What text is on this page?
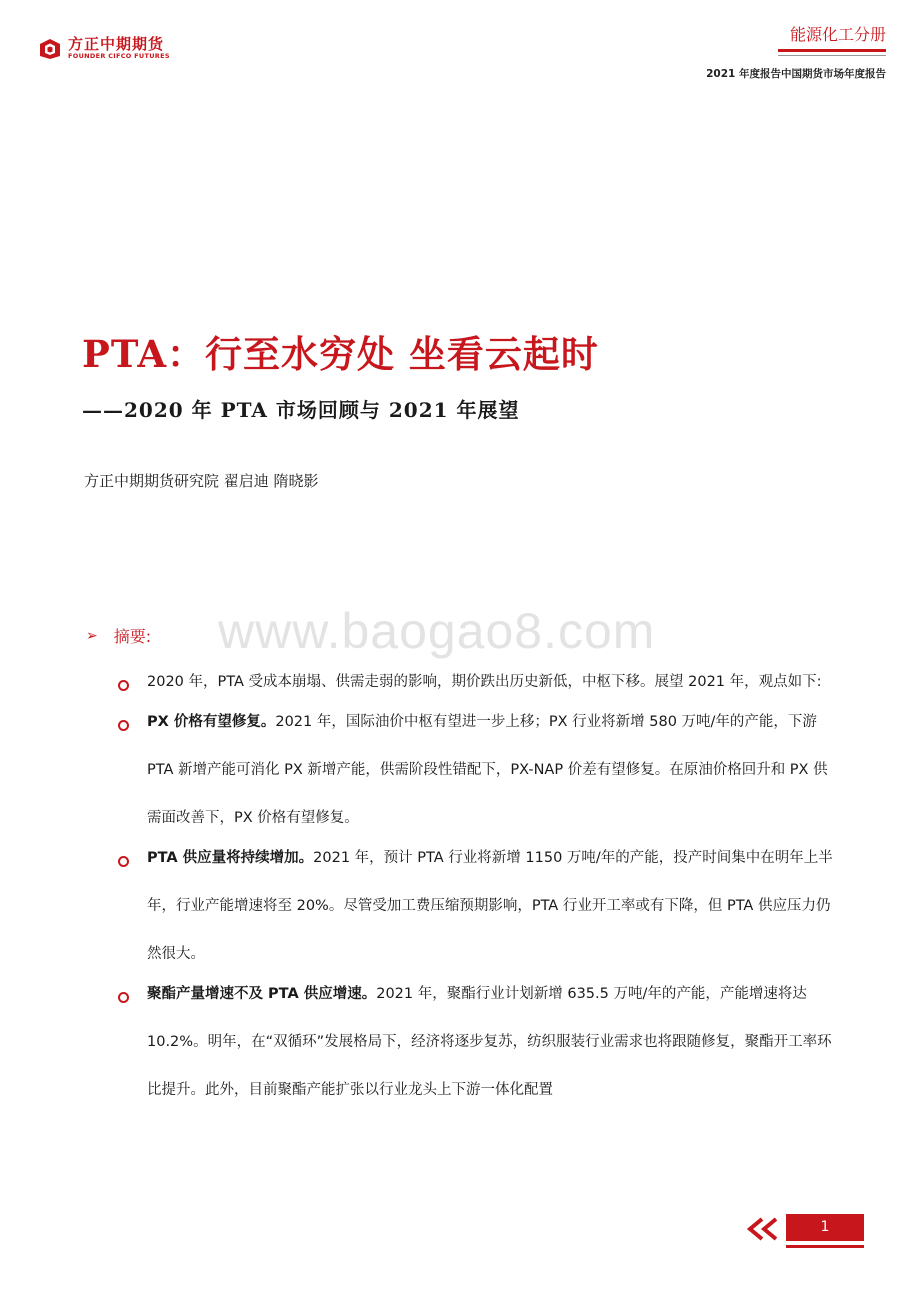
方正中期期货
FOUNDER CIFCO FUTURES
能源化工分册
2021 年度报告中国期货市场年度报告
PTA：行至水穷处 坐看云起时
——2020 年 PTA 市场回顾与 2021 年展望
方正中期期货研究院 翟启迪 隋晓影
www.baogao8.com
➢ 摘要:
2020 年，PTA 受成本崩塌、供需走弱的影响，期价跌出历史新低，中枢下移。展望 2021 年，观点如下:
PX 价格有望修复。2021 年，国际油价中枢有望进一步上移；PX 行业将新增 580 万吨/年的产能，下游 PTA 新增产能可消化 PX 新增产能，供需阶段性错配下，PX-NAP 价差有望修复。在原油价格回升和 PX 供需面改善下，PX 价格有望修复。
PTA 供应量将持续增加。2021 年，预计 PTA 行业将新增 1150 万吨/年的产能，投产时间集中在明年上半年，行业产能增速将至 20%。尽管受加工费压缩预期影响，PTA 行业开工率或有下降，但 PTA 供应压力仍然很大。
聚酯产量增速不及 PTA 供应增速。2021 年，聚酯行业计划新增 635.5 万吨/年的产能，产能增速将达 10.2%。明年，在“双循环”发展格局下，经济将逐步复苏，纺织服装行业需求也将跟随修复，聚酯开工率环比提升。此外，目前聚酯产能扩张以行业龙头上下游一体化配置
1
